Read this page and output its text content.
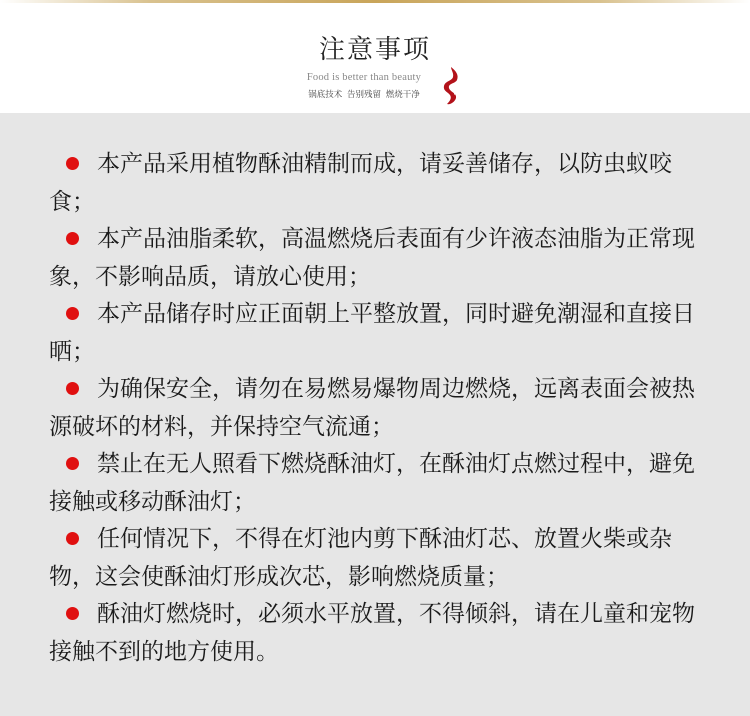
注意事项
Food is better than beauty
锅底技术 告别残留 燃烧干净
本产品采用植物酥油精制而成，请妥善储存，以防虫蚁咬食；
本产品油脂柔软，高温燃烧后表面有少许液态油脂为正常现象，不影响品质，请放心使用；
本产品储存时应正面朝上平整放置，同时避免潮湿和直接日晒；
为确保安全，请勿在易燃易爆物周边燃烧，远离表面会被热源破坏的材料，并保持空气流通；
禁止在无人照看下燃烧酥油灯，在酥油灯点燃过程中，避免接触或移动酥油灯；
任何情况下，不得在灯池内剪下酥油灯芯、放置火柴或杂物，这会使酥油灯形成次芯，影响燃烧质量；
酥油灯燃烧时，必须水平放置，不得倾斜，请在儿童和宠物接触不到的地方使用。
